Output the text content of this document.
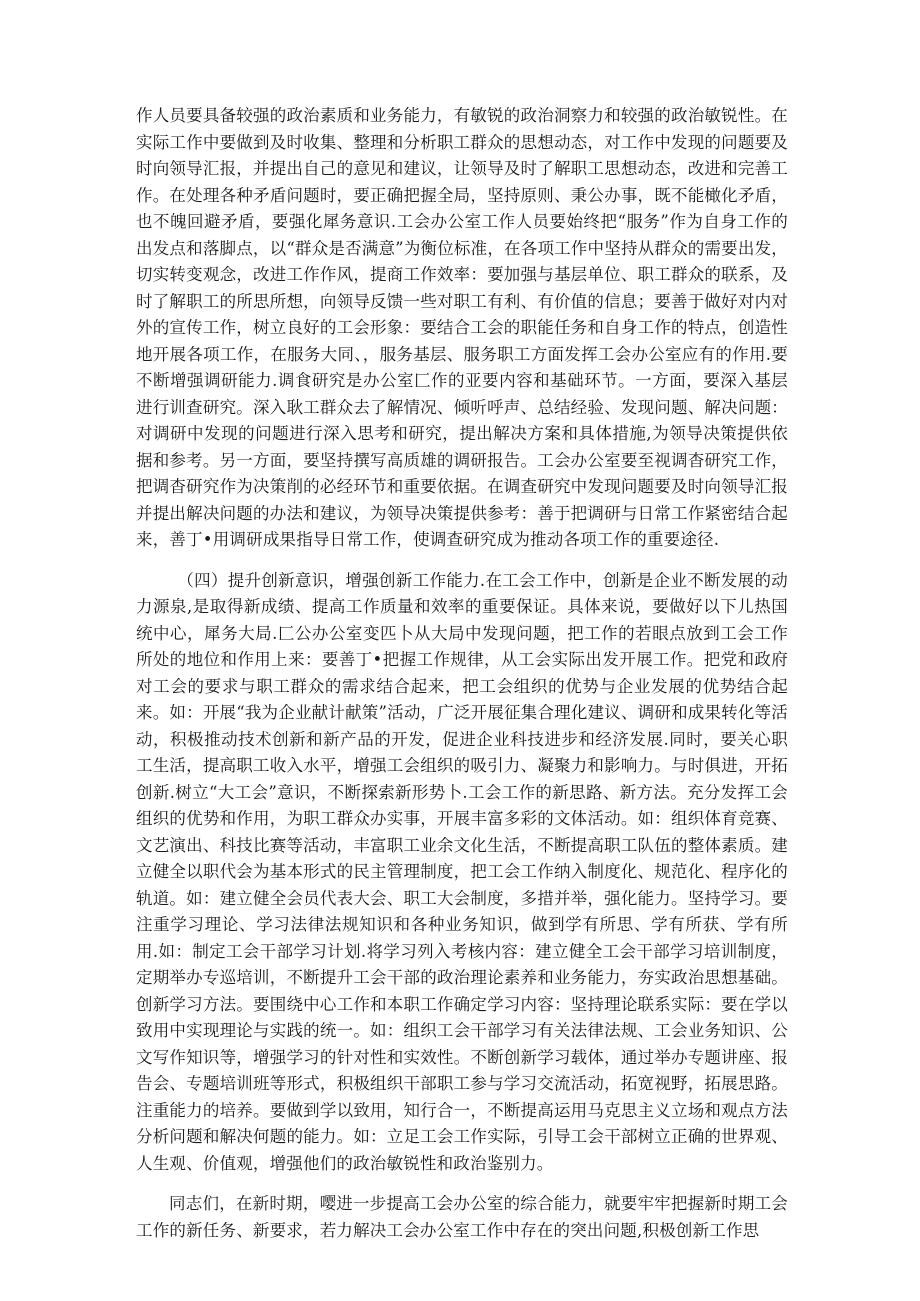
作人员要具备较强的政治素质和业务能力，有敏锐的政治洞察力和较强的政治敏锐性。在实际工作中要做到及时收集、整理和分析职工群众的思想动态，对工作中发现的问题要及时向领导汇报，并提出自己的意见和建议，让领导及时了解职工思想动态，改进和完善工作。在处理各种矛盾问题时，要正确把握全局，坚持原则、秉公办事，既不能橄化矛盾，也不魄回避矛盾，要强化犀务意识.工会办公室工作人员要始终把“服务”作为自身工作的出发点和落脚点，以“群众是否满意”为衡位标准，在各项工作中坚持从群众的需要出发，切实转变观念，改进工作作风，提商工作效率：要加强与基层单位、职工群众的联系，及时了解职工的所思所想，向领导反馈一些对职工有利、有价值的信息；要善于做好对内对外的宣传工作，树立良好的工会形象：要结合工会的职能任务和自身工作的特点，创造性地开展各项工作，在服务大同、，服务基层、服务职工方面发挥工会办公室应有的作用.要不断增强调研能力.调食研究是办公室匚作的亚要内容和基础环节。一方面，要深入基层进行训查研究。深入耿工群众去了解情况、倾听呼声、总结经验、发现问题、解决问题：对调研中发现的问题进行深入思考和研究，提出解决方案和具体措施,为领导决策提供依据和参考。另一方面，要坚持撰写高质雄的调研报告。工会办公室要至视调杳研究工作，把调杳研究作为决策削的必经环节和重要依据。在调查研究中发现问题要及时向领导汇报并提出解决问题的办法和建议，为领导决策提供参考：善于把调研与日常工作紧密结合起来，善丁•用调研成果指导日常工作，使调查研究成为推动各项工作的重要途径.

（四）提升创新意识，增强创新工作能力.在工会工作中，创新是企业不断发展的动力源泉,是取得新成绩、提高工作质量和效率的重要保证。具体来说，要做好以下儿热国统中心，犀务大局.匚公办公室变匹卜从大局中发现问题，把工作的若眼点放到工会工作所处的地位和作用上来：要善丁•把握工作规律，从工会实际出发开展工作。把党和政府对工会的要求与职工群众的需求结合起来，把工会组织的优势与企业发展的优势结合起来。如：开展“我为企业献计献策”活动，广泛开展征集合理化建议、调研和成果转化等活动，积极推动技术创新和新产品的开发，促进企业科技进步和经济发展.同时，要关心职工生活，提高职工收入水平，增强工会组织的吸引力、凝聚力和影响力。与时俱进，开拓创新.树立“大工会”意识，不断探索新形势卜.工会工作的新思路、新方法。充分发挥工会组织的优势和作用，为职工群众办实事，开展丰富多彩的文体活动。如：组织体育竞赛、文艺演出、科技比赛等活动，丰富职工业余文化生活，不断提高职工队伍的整体素质。建立健全以职代会为基本形式的民主管理制度，把工会工作纳入制度化、规范化、程序化的轨道。如：建立健全会员代表大会、职工大会制度，多措并举，强化能力。坚持学习。要注重学习理论、学习法律法规知识和各种业务知识，做到学有所思、学有所获、学有所用.如：制定工会干部学习计划.将学习列入考核内容：建立健全工会干部学习培训制度，定期举办专巡培训，不断提升工会干部的政治理论素养和业务能力，夯实政治思想基础。创新学习方法。要围绕中心工作和本职工作确定学习内容：坚持理论联系实际：要在学以致用中实现理论与实践的统一。如：组织工会干部学习有关法律法规、工会业务知识、公文写作知识等，增强学习的针对性和实效性。不断创新学习载体，通过举办专题讲座、报告会、专题培训班等形式，积极组织干部职工参与学习交流活动，拓宽视野，拓展思路。注重能力的培养。要做到学以致用，知行合一，不断提高运用马克思主义立场和观点方法分析问题和解决何题的能力。如：立足工会工作实际，引导工会干部树立正确的世界观、人生观、价值观，增强他们的政治敏锐性和政治鉴别力。

同志们，在新时期，嘤进一步提高工会办公室的综合能力，就要牢牢把握新时期工会工作的新任务、新要求，若力解决工会办公室工作中存在的突出问题,积极创新工作思
